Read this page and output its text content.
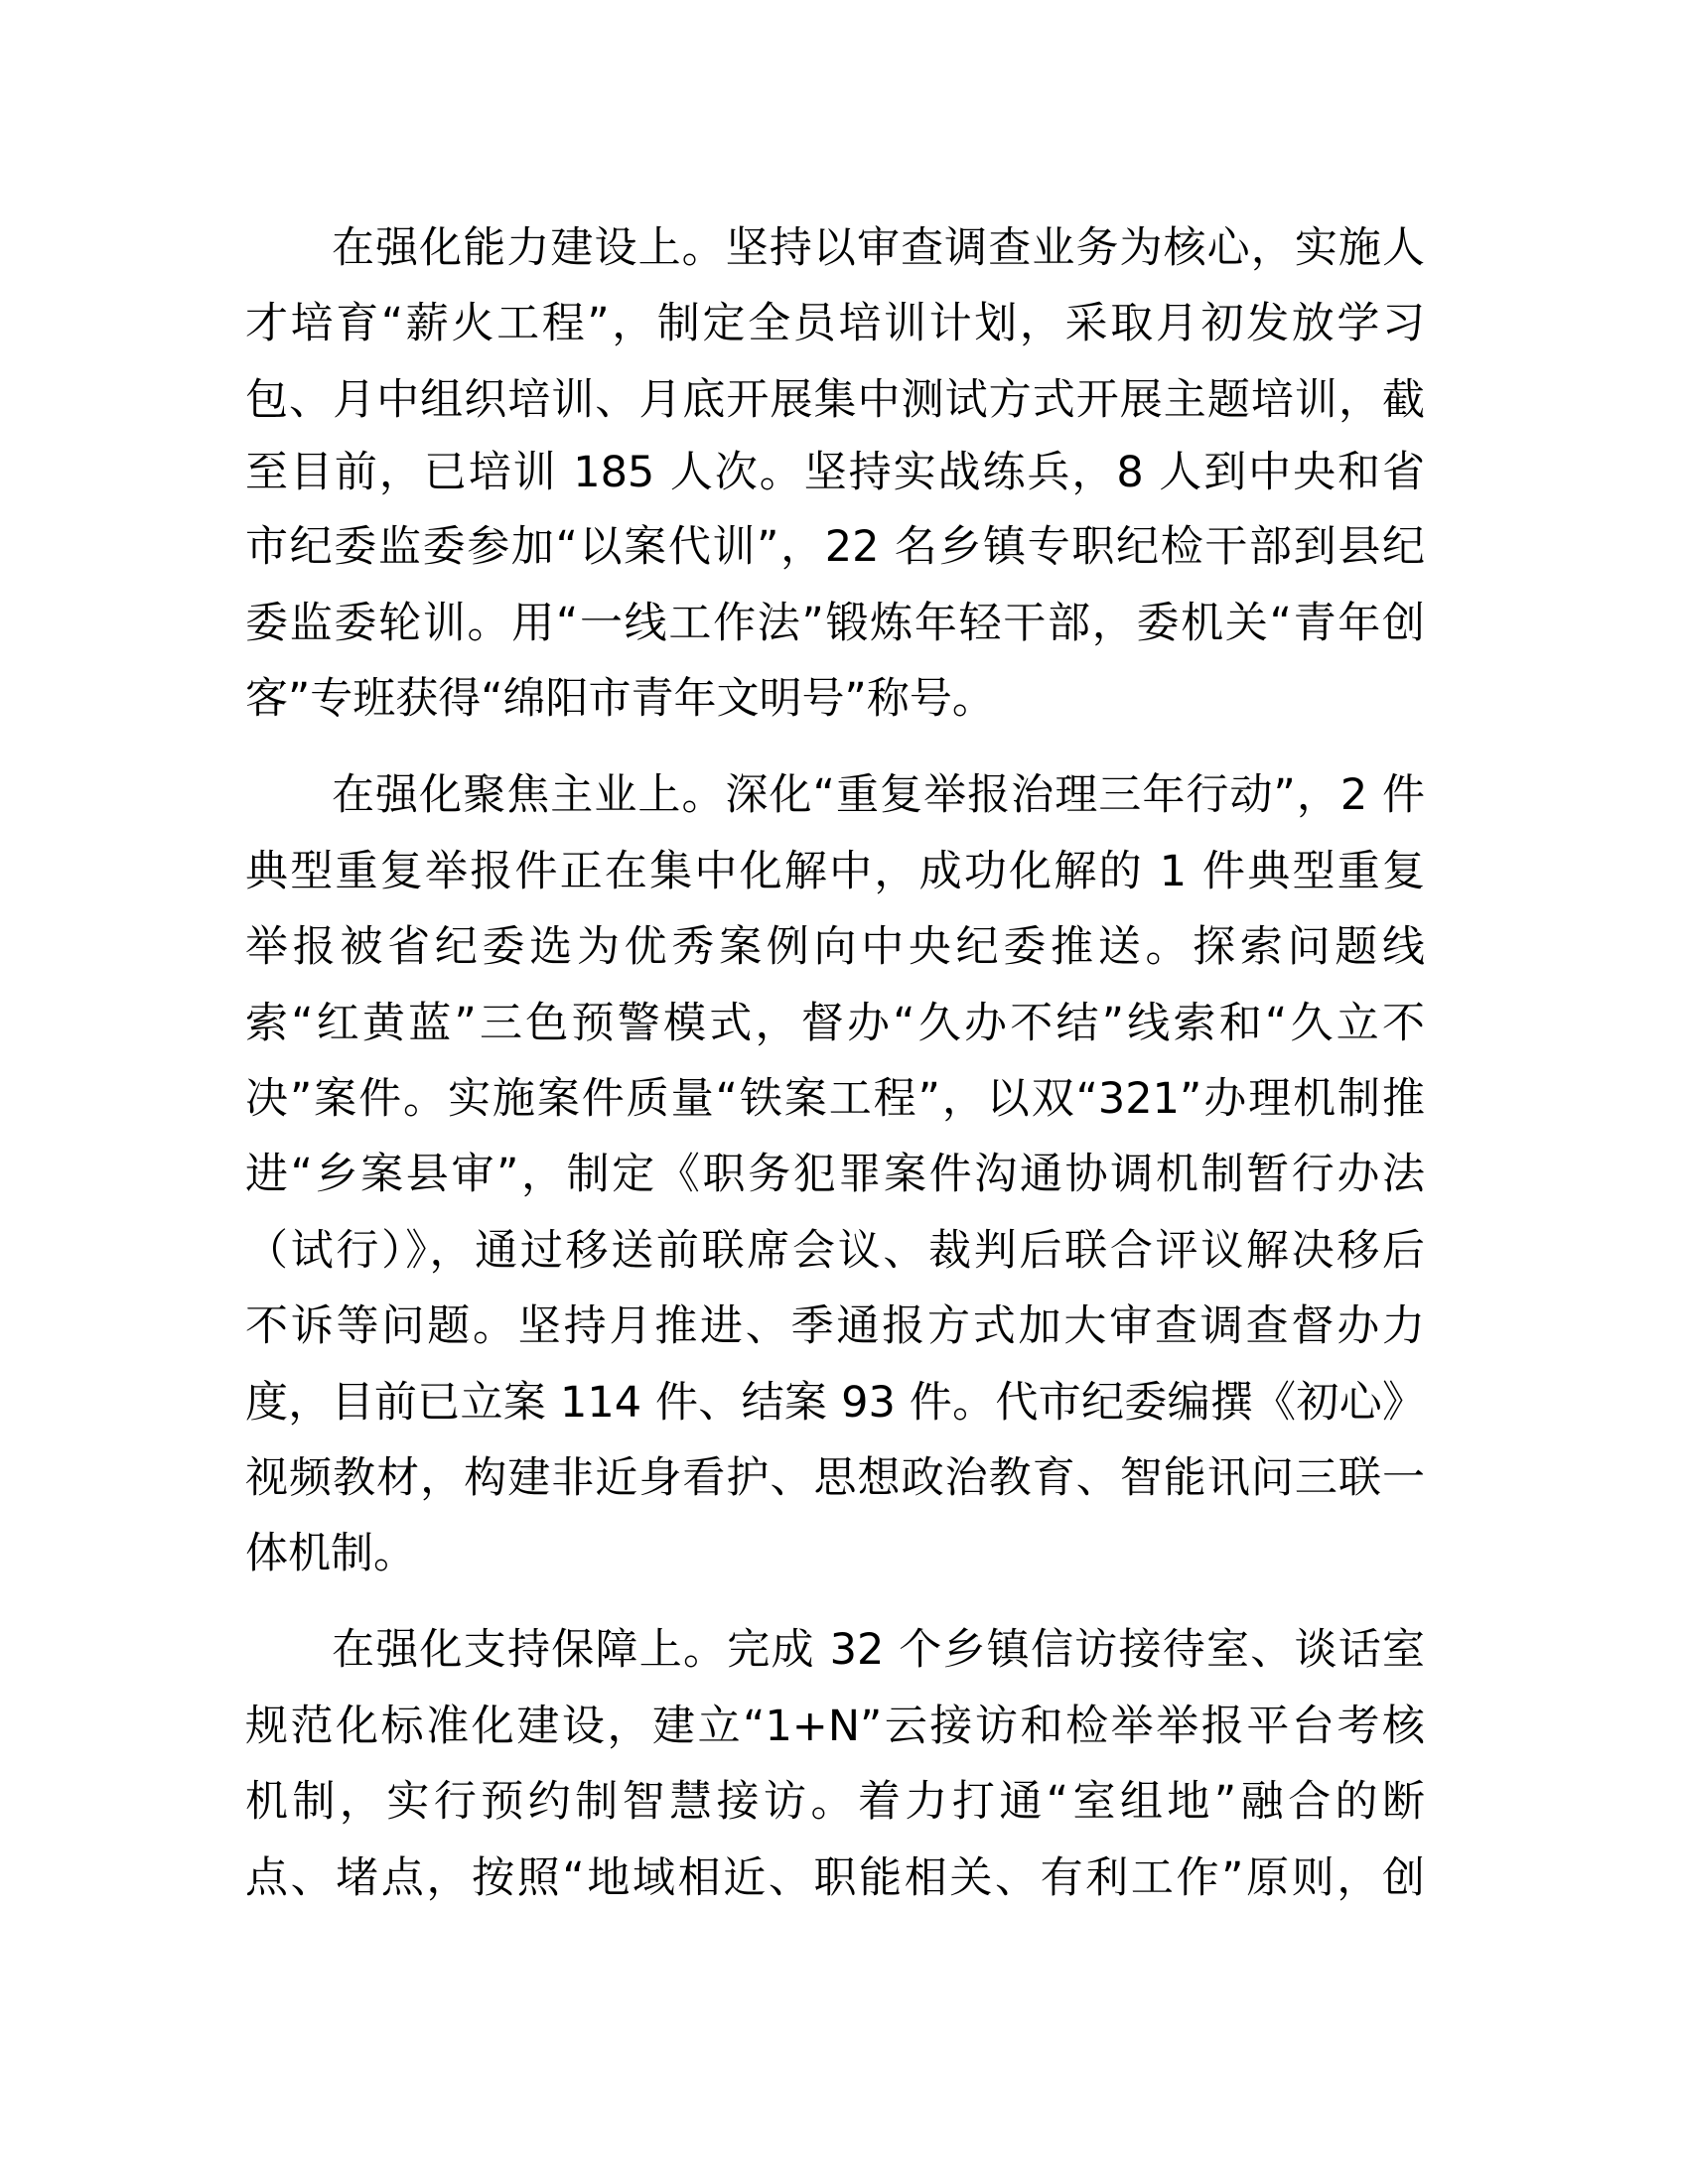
在强化能力建设上。坚持以审查调查业务为核心，实施人
才培育“薪火工程”，制定全员培训计划，采取月初发放学习
包、月中组织培训、月底开展集中测试方式开展主题培训，截
至目前，已培训 185 人次。坚持实战练兵，8 人到中央和省
市纪委监委参加“以案代训”，22 名乡镇专职纪检干部到县纪
委监委轮训。用“一线工作法”锻炼年轻干部，委机关“青年创
客”专班获得“绵阳市青年文明号”称号。
在强化聚焦主业上。深化“重复举报治理三年行动”，2 件
典型重复举报件正在集中化解中，成功化解的 1 件典型重复
举报被省纪委选为优秀案例向中央纪委推送。探索问题线
索“红黄蓝”三色预警模式，督办“久办不结”线索和“久立不
决”案件。实施案件质量“铁案工程”，以双“321”办理机制推
进“乡案县审”，制定《职务犯罪案件沟通协调机制暂行办法
（试行）》，通过移送前联席会议、裁判后联合评议解决移后
不诉等问题。坚持月推进、季通报方式加大审查调查督办力
度，目前已立案 114 件、结案 93 件。代市纪委编撰《初心》
视频教材，构建非近身看护、思想政治教育、智能讯问三联一
体机制。
在强化支持保障上。完成 32 个乡镇信访接待室、谈话室
规范化标准化建设，建立“1+N”云接访和检举举报平台考核
机制，实行预约制智慧接访。着力打通“室组地”融合的断
点、堵点，按照“地域相近、职能相关、有利工作”原则，创
